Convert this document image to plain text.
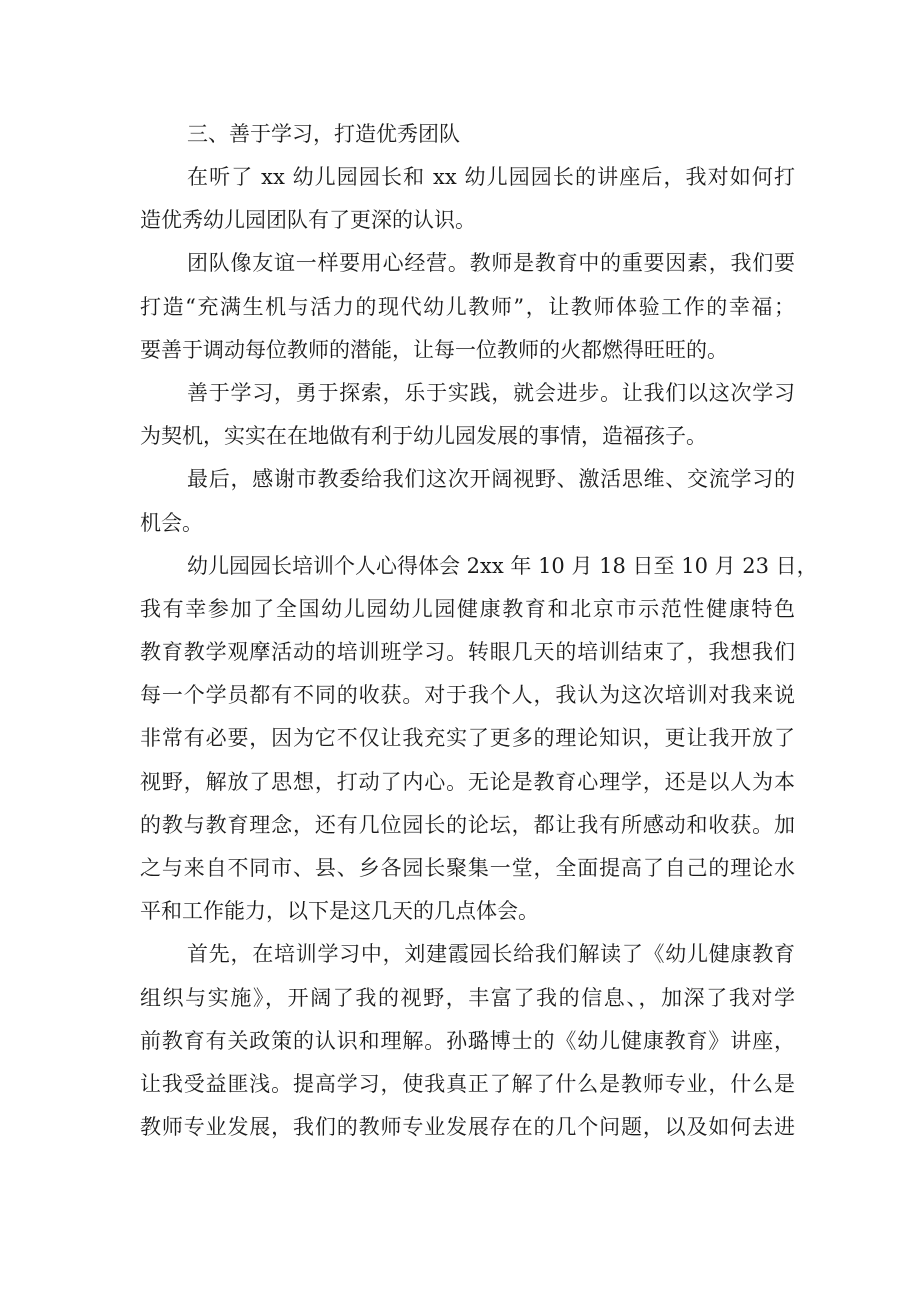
三、善于学习，打造优秀团队

在听了 xx 幼儿园园长和 xx 幼儿园园长的讲座后，我对如何打
造优秀幼儿园团队有了更深的认识。

团队像友谊一样要用心经营。教师是教育中的重要因素，我们要
打造“充满生机与活力的现代幼儿教师”，让教师体验工作的幸福；
要善于调动每位教师的潜能，让每一位教师的火都燃得旺旺的。

善于学习，勇于探索，乐于实践，就会进步。让我们以这次学习
为契机，实实在在地做有利于幼儿园发展的事情，造福孩子。

最后，感谢市教委给我们这次开阔视野、激活思维、交流学习的
机会。

幼儿园园长培训个人心得体会 2xx 年 10 月 18 日至 10 月 23 日，
我有幸参加了全国幼儿园幼儿园健康教育和北京市示范性健康特色
教育教学观摩活动的培训班学习。转眼几天的培训结束了，我想我们
每一个学员都有不同的收获。对于我个人，我认为这次培训对我来说
非常有必要，因为它不仅让我充实了更多的理论知识，更让我开放了
视野，解放了思想，打动了内心。无论是教育心理学，还是以人为本
的教与教育理念，还有几位园长的论坛，都让我有所感动和收获。加
之与来自不同市、县、乡各园长聚集一堂，全面提高了自己的理论水
平和工作能力，以下是这几天的几点体会。

首先，在培训学习中，刘建霞园长给我们解读了《幼儿健康教育
组织与实施》，开阔了我的视野，丰富了我的信息、，加深了我对学
前教育有关政策的认识和理解。孙璐博士的《幼儿健康教育》讲座，
让我受益匪浅。提高学习，使我真正了解了什么是教师专业，什么是
教师专业发展，我们的教师专业发展存在的几个问题，以及如何去进
